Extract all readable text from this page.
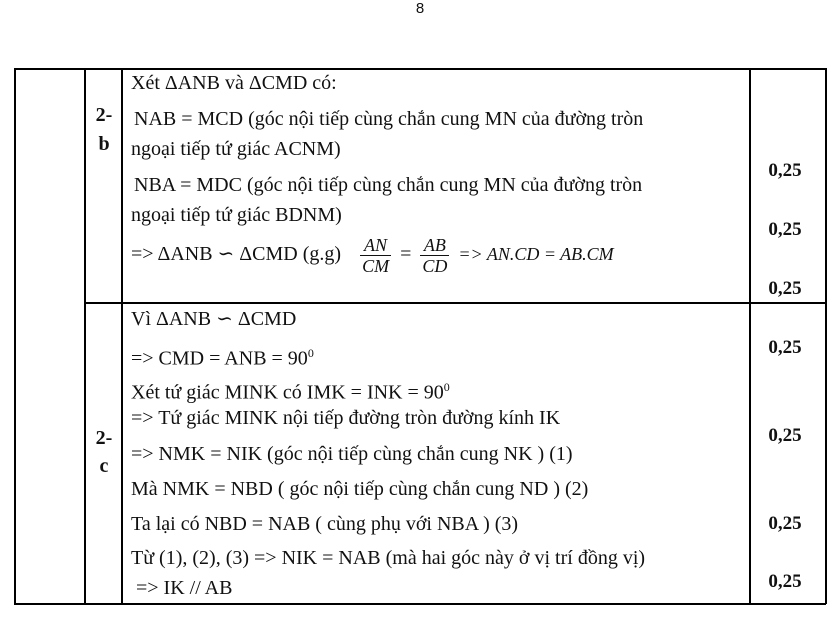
8
2-
b
Xét ΔANB và ΔCMD có:
NAB = MCD (góc nội tiếp cùng chắn cung MN của đường tròn
ngoại tiếp tứ giác ACNM)
NBA = MDC (góc nội tiếp cùng chắn cung MN của đường tròn
ngoại tiếp tứ giác BDNM)
=> ΔANB ∽ ΔCMD $(g.g) \frac{AN}{CM} = \frac{AB}{CD} => AN.CD = AB.CM$
0,25
0,25
0,25
2-
c
Vì ΔANB ∽ ΔCMD
=> CMD = ANB = $90^0$
Xét tứ giác MINK có IMK = INK = $90^0$
=> Tứ giác MINK nội tiếp đường tròn đường kính IK
=> NMK = NIK (góc nội tiếp cùng chắn cung NK ) (1)
Mà NMK = NBD ( góc nội tiếp cùng chắn cung ND ) (2)
Ta lại có NBD = NAB ( cùng phụ với NBA ) (3)
Từ (1), (2), (3) => NIK = NAB (mà hai góc này ở vị trí đồng vị)
=> IK // AB
0,25
0,25
0,25
0,25
